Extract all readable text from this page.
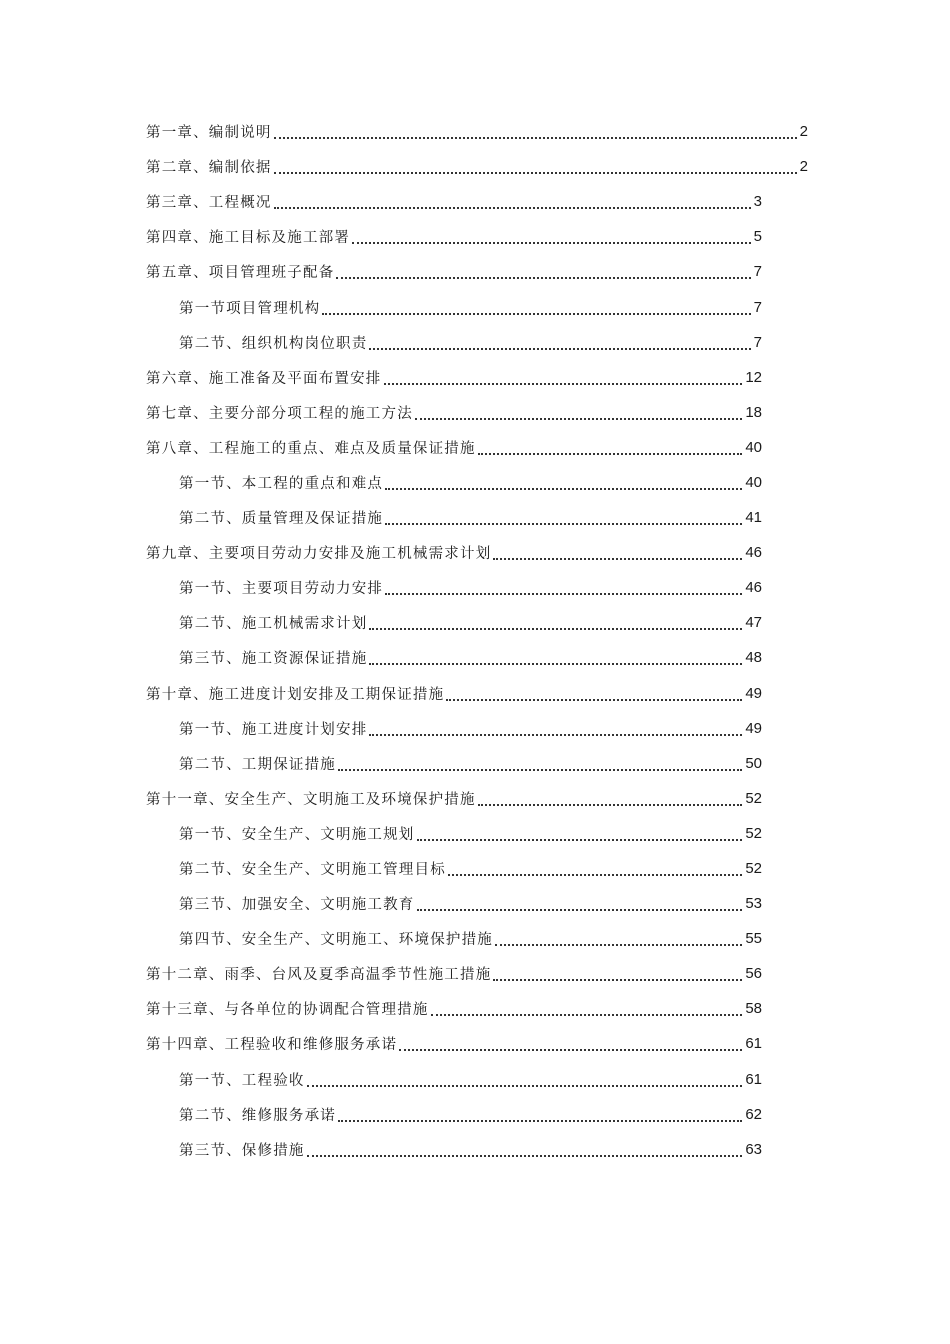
第一章、编制说明	2
第二章、编制依据	2
第三章、工程概况	3
第四章、施工目标及施工部署	5
第五章、项目管理班子配备	7
第一节项目管理机构	7
第二节、组织机构岗位职责	7
第六章、施工准备及平面布置安排	12
第七章、主要分部分项工程的施工方法	18
第八章、工程施工的重点、难点及质量保证措施	40
第一节、本工程的重点和难点	40
第二节、质量管理及保证措施	41
第九章、主要项目劳动力安排及施工机械需求计划	46
第一节、主要项目劳动力安排	46
第二节、施工机械需求计划	47
第三节、施工资源保证措施	48
第十章、施工进度计划安排及工期保证措施	49
第一节、施工进度计划安排	49
第二节、工期保证措施	50
第十一章、安全生产、文明施工及环境保护措施	52
第一节、安全生产、文明施工规划	52
第二节、安全生产、文明施工管理目标	52
第三节、加强安全、文明施工教育	53
第四节、安全生产、文明施工、环境保护措施	55
第十二章、雨季、台风及夏季高温季节性施工措施	56
第十三章、与各单位的协调配合管理措施	58
第十四章、工程验收和维修服务承诺	61
第一节、工程验收	61
第二节、维修服务承诺	62
第三节、保修措施	63
